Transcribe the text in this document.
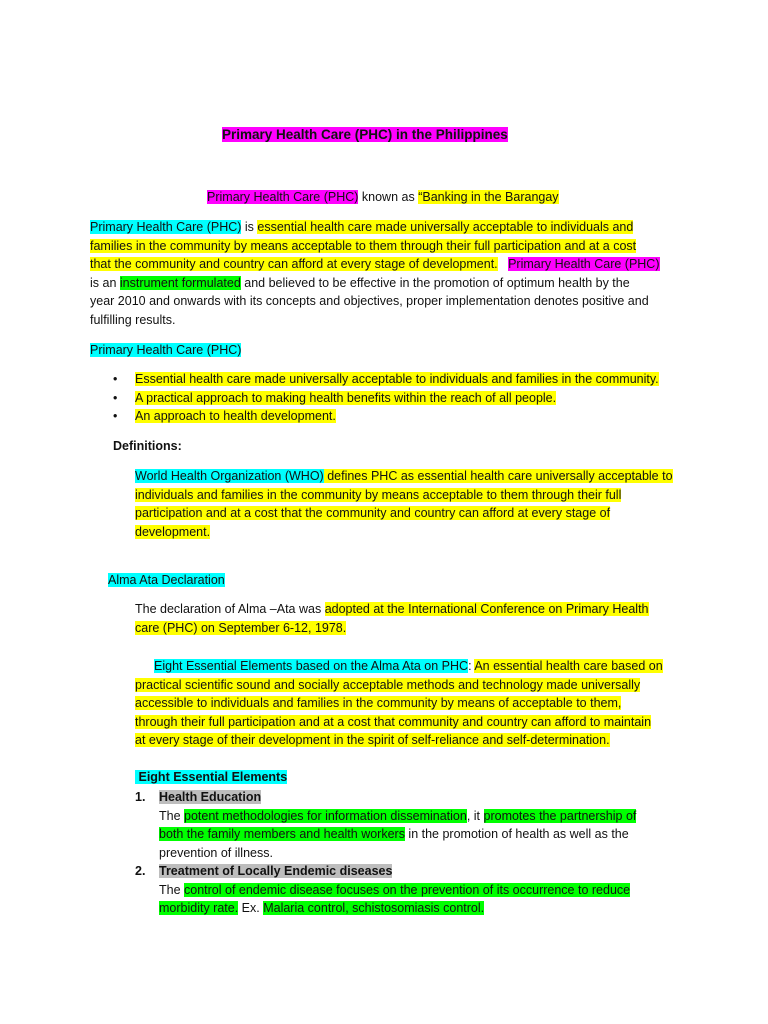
Primary Health Care (PHC) in the Philippines
Primary Health Care (PHC) known as “Banking in the Barangay
Primary Health Care (PHC) is essential health care made universally acceptable to individuals and
families in the community by means acceptable to them through their full participation and at a cost
that the community and country can afford at every stage of development. Primary Health Care (PHC)
is an instrument formulated and believed to be effective in the promotion of optimum health by the
year 2010 and onwards with its concepts and objectives, proper implementation denotes positive and
fulfilling results.
Primary Health Care (PHC)
• Essential health care made universally acceptable to individuals and families in the community.
• A practical approach to making health benefits within the reach of all people.
• An approach to health development.
Definitions:
World Health Organization (WHO) defines PHC as essential health care universally acceptable to
individuals and families in the community by means acceptable to them through their full
participation and at a cost that the community and country can afford at every stage of
development.
Alma Ata Declaration
The declaration of Alma –Ata was adopted at the International Conference on Primary Health
care (PHC) on September 6-12, 1978.
Eight Essential Elements based on the Alma Ata on PHC: An essential health care based on
practical scientific sound and socially acceptable methods and technology made universally
accessible to individuals and families in the community by means of acceptable to them,
through their full participation and at a cost that community and country can afford to maintain
at every stage of their development in the spirit of self-reliance and self-determination.
Eight Essential Elements
1. Health Education
The potent methodologies for information dissemination, it promotes the partnership of
both the family members and health workers in the promotion of health as well as the
prevention of illness.
2. Treatment of Locally Endemic diseases
The control of endemic disease focuses on the prevention of its occurrence to reduce
morbidity rate. Ex. Malaria control, schistosomiasis control.
